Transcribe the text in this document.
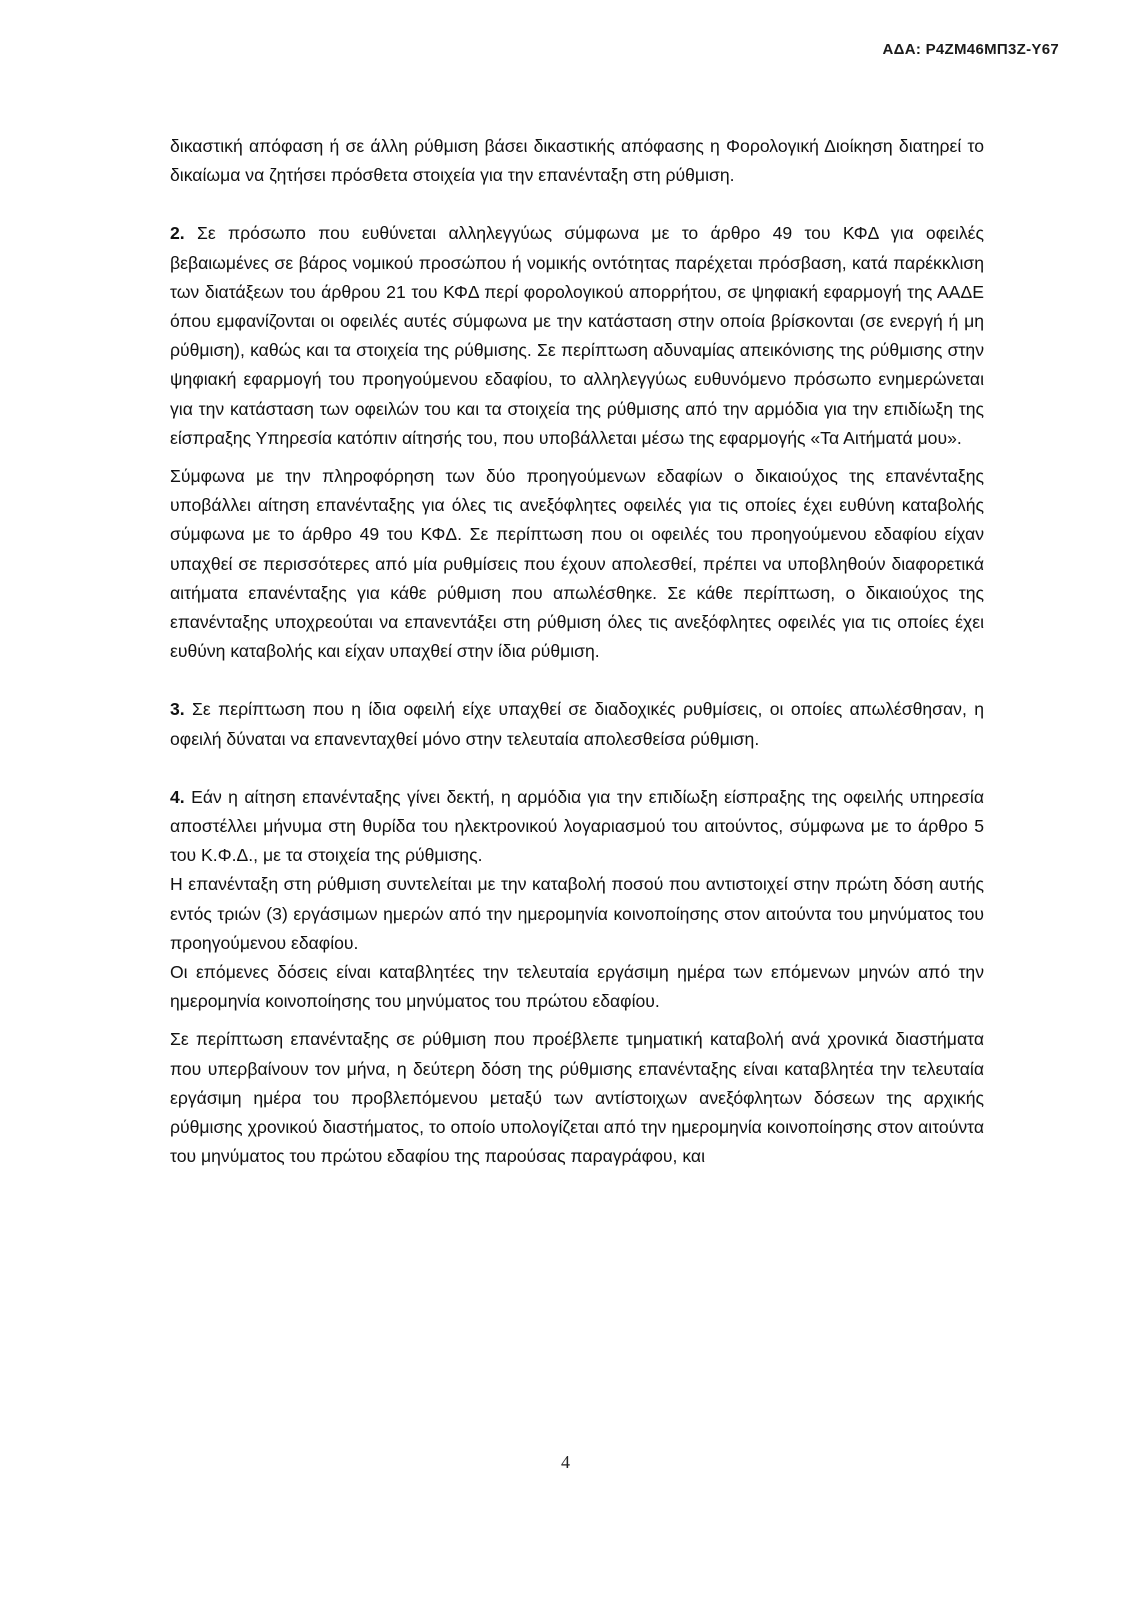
ΑΔΑ: Ρ4ΖΜ46ΜΠ3Ζ-Υ67

δικαστική απόφαση ή σε άλλη ρύθμιση βάσει δικαστικής απόφασης η Φορολογική Διοίκηση διατηρεί το δικαίωμα να ζητήσει πρόσθετα στοιχεία για την επανένταξη στη ρύθμιση.

2. Σε πρόσωπο που ευθύνεται αλληλεγγύως σύμφωνα με το άρθρο 49 του ΚΦΔ για οφειλές βεβαιωμένες σε βάρος νομικού προσώπου ή νομικής οντότητας παρέχεται πρόσβαση, κατά παρέκκλιση των διατάξεων του άρθρου 21 του ΚΦΔ περί φορολογικού απορρήτου, σε ψηφιακή εφαρμογή της ΑΑΔΕ όπου εμφανίζονται οι οφειλές αυτές σύμφωνα με την κατάσταση στην οποία βρίσκονται (σε ενεργή ή μη ρύθμιση), καθώς και τα στοιχεία της ρύθμισης. Σε περίπτωση αδυναμίας απεικόνισης της ρύθμισης στην ψηφιακή εφαρμογή του προηγούμενου εδαφίου, το αλληλεγγύως ευθυνόμενο πρόσωπο ενημερώνεται για την κατάσταση των οφειλών του και τα στοιχεία της ρύθμισης από την αρμόδια για την επιδίωξη της είσπραξης Υπηρεσία κατόπιν αίτησής του, που υποβάλλεται μέσω της εφαρμογής «Τα Αιτήματά μου».

Σύμφωνα με την πληροφόρηση των δύο προηγούμενων εδαφίων ο δικαιούχος της επανένταξης υποβάλλει αίτηση επανένταξης για όλες τις ανεξόφλητες οφειλές για τις οποίες έχει ευθύνη καταβολής σύμφωνα με το άρθρο 49 του ΚΦΔ. Σε περίπτωση που οι οφειλές του προηγούμενου εδαφίου είχαν υπαχθεί σε περισσότερες από μία ρυθμίσεις που έχουν απολεσθεί, πρέπει να υποβληθούν διαφορετικά αιτήματα επανένταξης για κάθε ρύθμιση που απωλέσθηκε. Σε κάθε περίπτωση, ο δικαιούχος της επανένταξης υποχρεούται να επανεντάξει στη ρύθμιση όλες τις ανεξόφλητες οφειλές για τις οποίες έχει ευθύνη καταβολής και είχαν υπαχθεί στην ίδια ρύθμιση.

3. Σε περίπτωση που η ίδια οφειλή είχε υπαχθεί σε διαδοχικές ρυθμίσεις, οι οποίες απωλέσθησαν, η οφειλή δύναται να επανενταχθεί μόνο στην τελευταία απολεσθείσα ρύθμιση.

4. Εάν η αίτηση επανένταξης γίνει δεκτή, η αρμόδια για την επιδίωξη είσπραξης της οφειλής υπηρεσία αποστέλλει μήνυμα στη θυρίδα του ηλεκτρονικού λογαριασμού του αιτούντος, σύμφωνα με το άρθρο 5 του Κ.Φ.Δ., με τα στοιχεία της ρύθμισης.

Η επανένταξη στη ρύθμιση συντελείται με την καταβολή ποσού που αντιστοιχεί στην πρώτη δόση αυτής εντός τριών (3) εργάσιμων ημερών από την ημερομηνία κοινοποίησης στον αιτούντα του μηνύματος του προηγούμενου εδαφίου.

Οι επόμενες δόσεις είναι καταβλητέες την τελευταία εργάσιμη ημέρα των επόμενων μηνών από την ημερομηνία κοινοποίησης του μηνύματος του πρώτου εδαφίου.

Σε περίπτωση επανένταξης σε ρύθμιση που προέβλεπε τμηματική καταβολή ανά χρονικά διαστήματα που υπερβαίνουν τον μήνα, η δεύτερη δόση της ρύθμισης επανένταξης είναι καταβλητέα την τελευταία εργάσιμη ημέρα του προβλεπόμενου μεταξύ των αντίστοιχων ανεξόφλητων δόσεων της αρχικής ρύθμισης χρονικού διαστήματος, το οποίο υπολογίζεται από την ημερομηνία κοινοποίησης στον αιτούντα του μηνύματος του πρώτου εδαφίου της παρούσας παραγράφου, και

4
